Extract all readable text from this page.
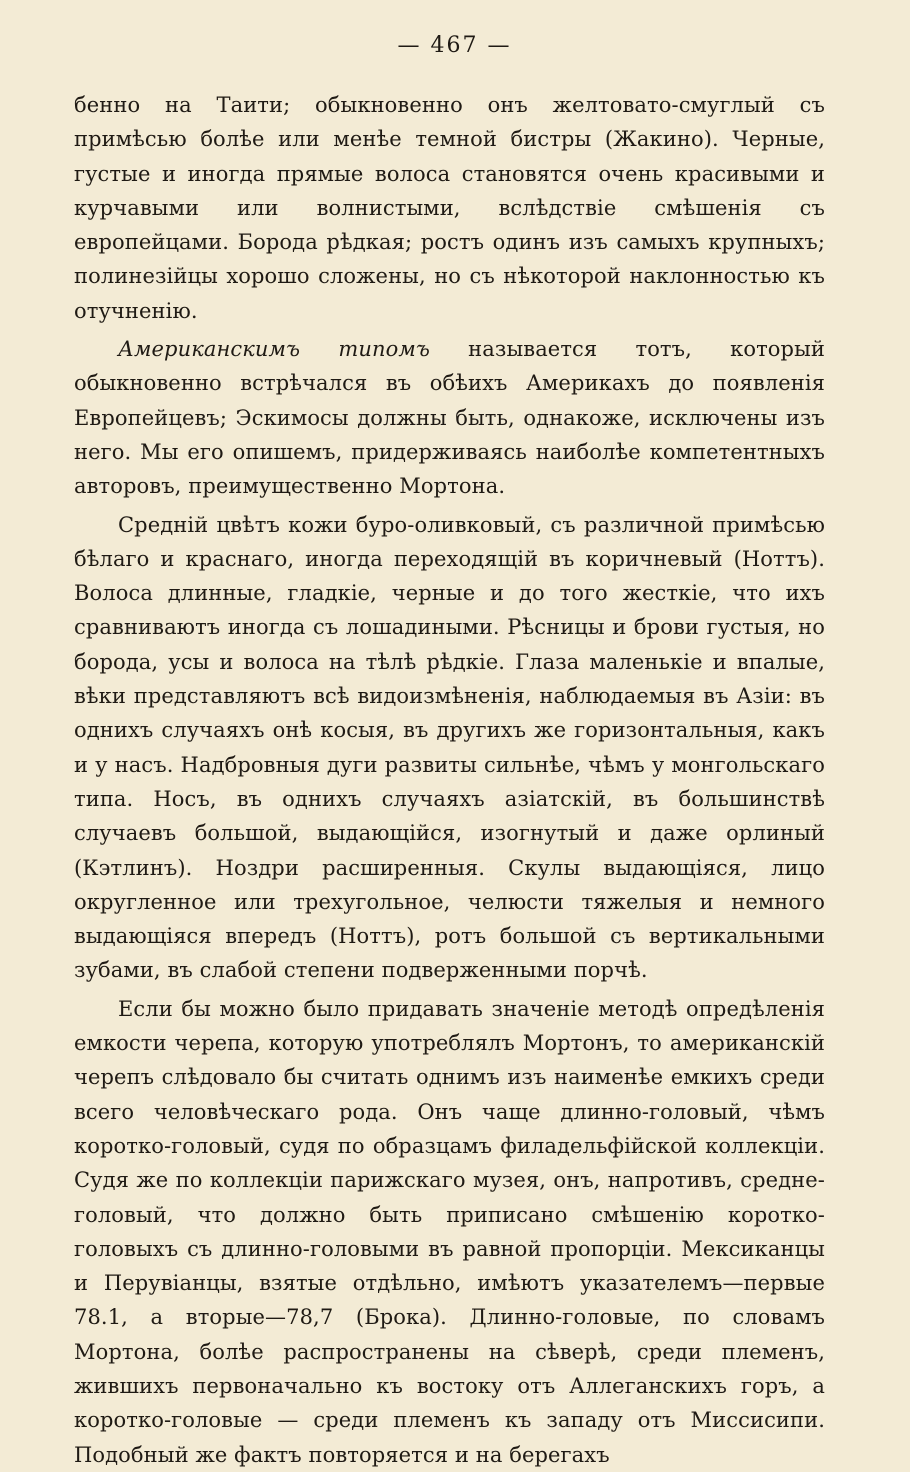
— 467 —

бенно на Таити; обыкновенно онъ желтовато-смуглый съ примѣсью болѣе или менѣе темной бистры (Жакино). Черные, густые и иногда прямые волоса становятся очень красивыми и курчавыми или волнистыми, вслѣдствіе смѣшенія съ европейцами. Борода рѣдкая; ростъ одинъ изъ самыхъ крупныхъ; полинезійцы хорошо сложены, но съ нѣкоторой наклонностью къ отучненію.

Американскимъ типомъ называется тотъ, который обыкновенно встрѣчался въ обѣихъ Америкахъ до появленія Европейцевъ; Эскимосы должны быть, однакоже, исключены изъ него. Мы его опишемъ, придерживаясь наиболѣе компетентныхъ авторовъ, преимущественно Мортона.

Средній цвѣтъ кожи буро-оливковый, съ различной примѣсью бѣлаго и краснаго, иногда переходящій въ коричневый (Ноттъ). Волоса длинные, гладкіе, черные и до того жесткіе, что ихъ сравниваютъ иногда съ лошадиными. Рѣсницы и брови густыя, но борода, усы и волоса на тѣлѣ рѣдкіе. Глаза маленькіе и впалые, вѣки представляютъ всѣ видоизмѣненія, наблюдаемыя въ Азіи: въ однихъ случаяхъ онѣ косыя, въ другихъ же горизонтальныя, какъ и у насъ. Надбровныя дуги развиты сильнѣе, чѣмъ у монгольскаго типа. Носъ, въ однихъ случаяхъ азіатскій, въ большинствѣ случаевъ большой, выдающійся, изогнутый и даже орлиный (Кэтлинъ). Ноздри расширенныя. Скулы выдающіяся, лицо округленное или трехугольное, челюсти тяжелыя и немного выдающіяся впередъ (Ноттъ), ротъ большой съ вертикальными зубами, въ слабой степени подверженными порчѣ.

Если бы можно было придавать значеніе методѣ опредѣленія емкости черепа, которую употреблялъ Мортонъ, то американскій черепъ слѣдовало бы считать однимъ изъ наименѣе емкихъ среди всего человѣческаго рода. Онъ чаще длинно-головый, чѣмъ коротко-головый, судя по образцамъ филадельфійской коллекціи. Судя же по коллекціи парижскаго музея, онъ, напротивъ, средне-головый, что должно быть приписано смѣшенію коротко-головыхъ съ длинно-головыми въ равной пропорціи. Мексиканцы и Перувіанцы, взятые отдѣльно, имѣютъ указателемъ—первые 78.1, а вторые—78,7 (Брока). Длинно-головые, по словамъ Мортона, болѣе распространены на сѣверѣ, среди племенъ, жившихъ первоначально къ востоку отъ Аллеганскихъ горъ, а коротко-головые — среди племенъ къ западу отъ Миссисипи. Подобный же фактъ повторяется и на берегахъ
